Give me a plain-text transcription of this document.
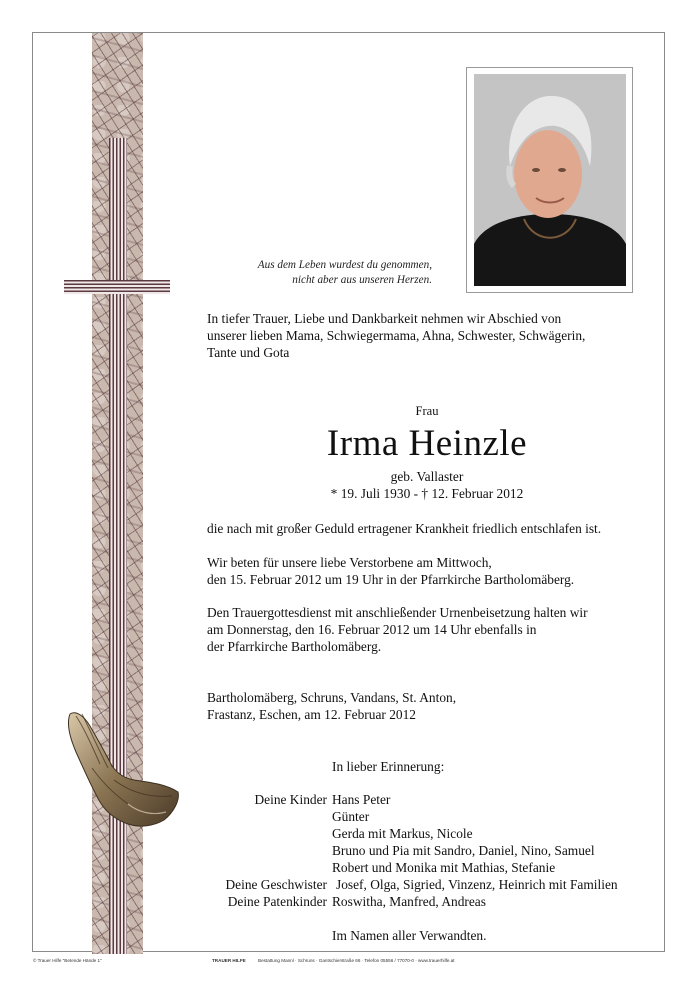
Aus dem Leben wurdest du genommen,
nicht aber aus unseren Herzen.
In tiefer Trauer, Liebe und Dankbarkeit nehmen wir Abschied von
unserer lieben Mama, Schwiegermama, Ahna, Schwester, Schwägerin,
Tante und Gota
Frau
Irma Heinzle
geb. Vallaster
* 19. Juli 1930 - † 12. Februar 2012
die nach mit großer Geduld ertragener Krankheit friedlich entschlafen ist.
Wir beten für unsere liebe Verstorbene am Mittwoch,
den 15. Februar 2012 um 19 Uhr in der Pfarrkirche Bartholomäberg.
Den Trauergottesdienst mit anschließender Urnenbeisetzung halten wir
am Donnerstag, den 16. Februar 2012 um 14 Uhr ebenfalls in
der Pfarrkirche Bartholomäberg.
Bartholomäberg, Schruns, Vandans, St. Anton,
Frastanz, Eschen, am 12. Februar 2012
In lieber Erinnerung:
Deine Kinder Hans Peter
Günter
Gerda mit Markus, Nicole
Bruno und Pia mit Sandro, Daniel, Nino, Samuel
Robert und Monika mit Mathias, Stefanie
Deine Geschwister Josef, Olga, Sigried, Vinzenz, Heinrich mit Familien
Deine Patenkinder Roswitha, Manfred, Andreas
Im Namen aller Verwandten.
© Trauer Hilfe "Betende Hände 1"	TRAUER HILFE	Bestattung Mannl · Schruns · Gantschierstraße 66 · Telefon 05556 / 77070-0 · www.trauerhilfe.at
